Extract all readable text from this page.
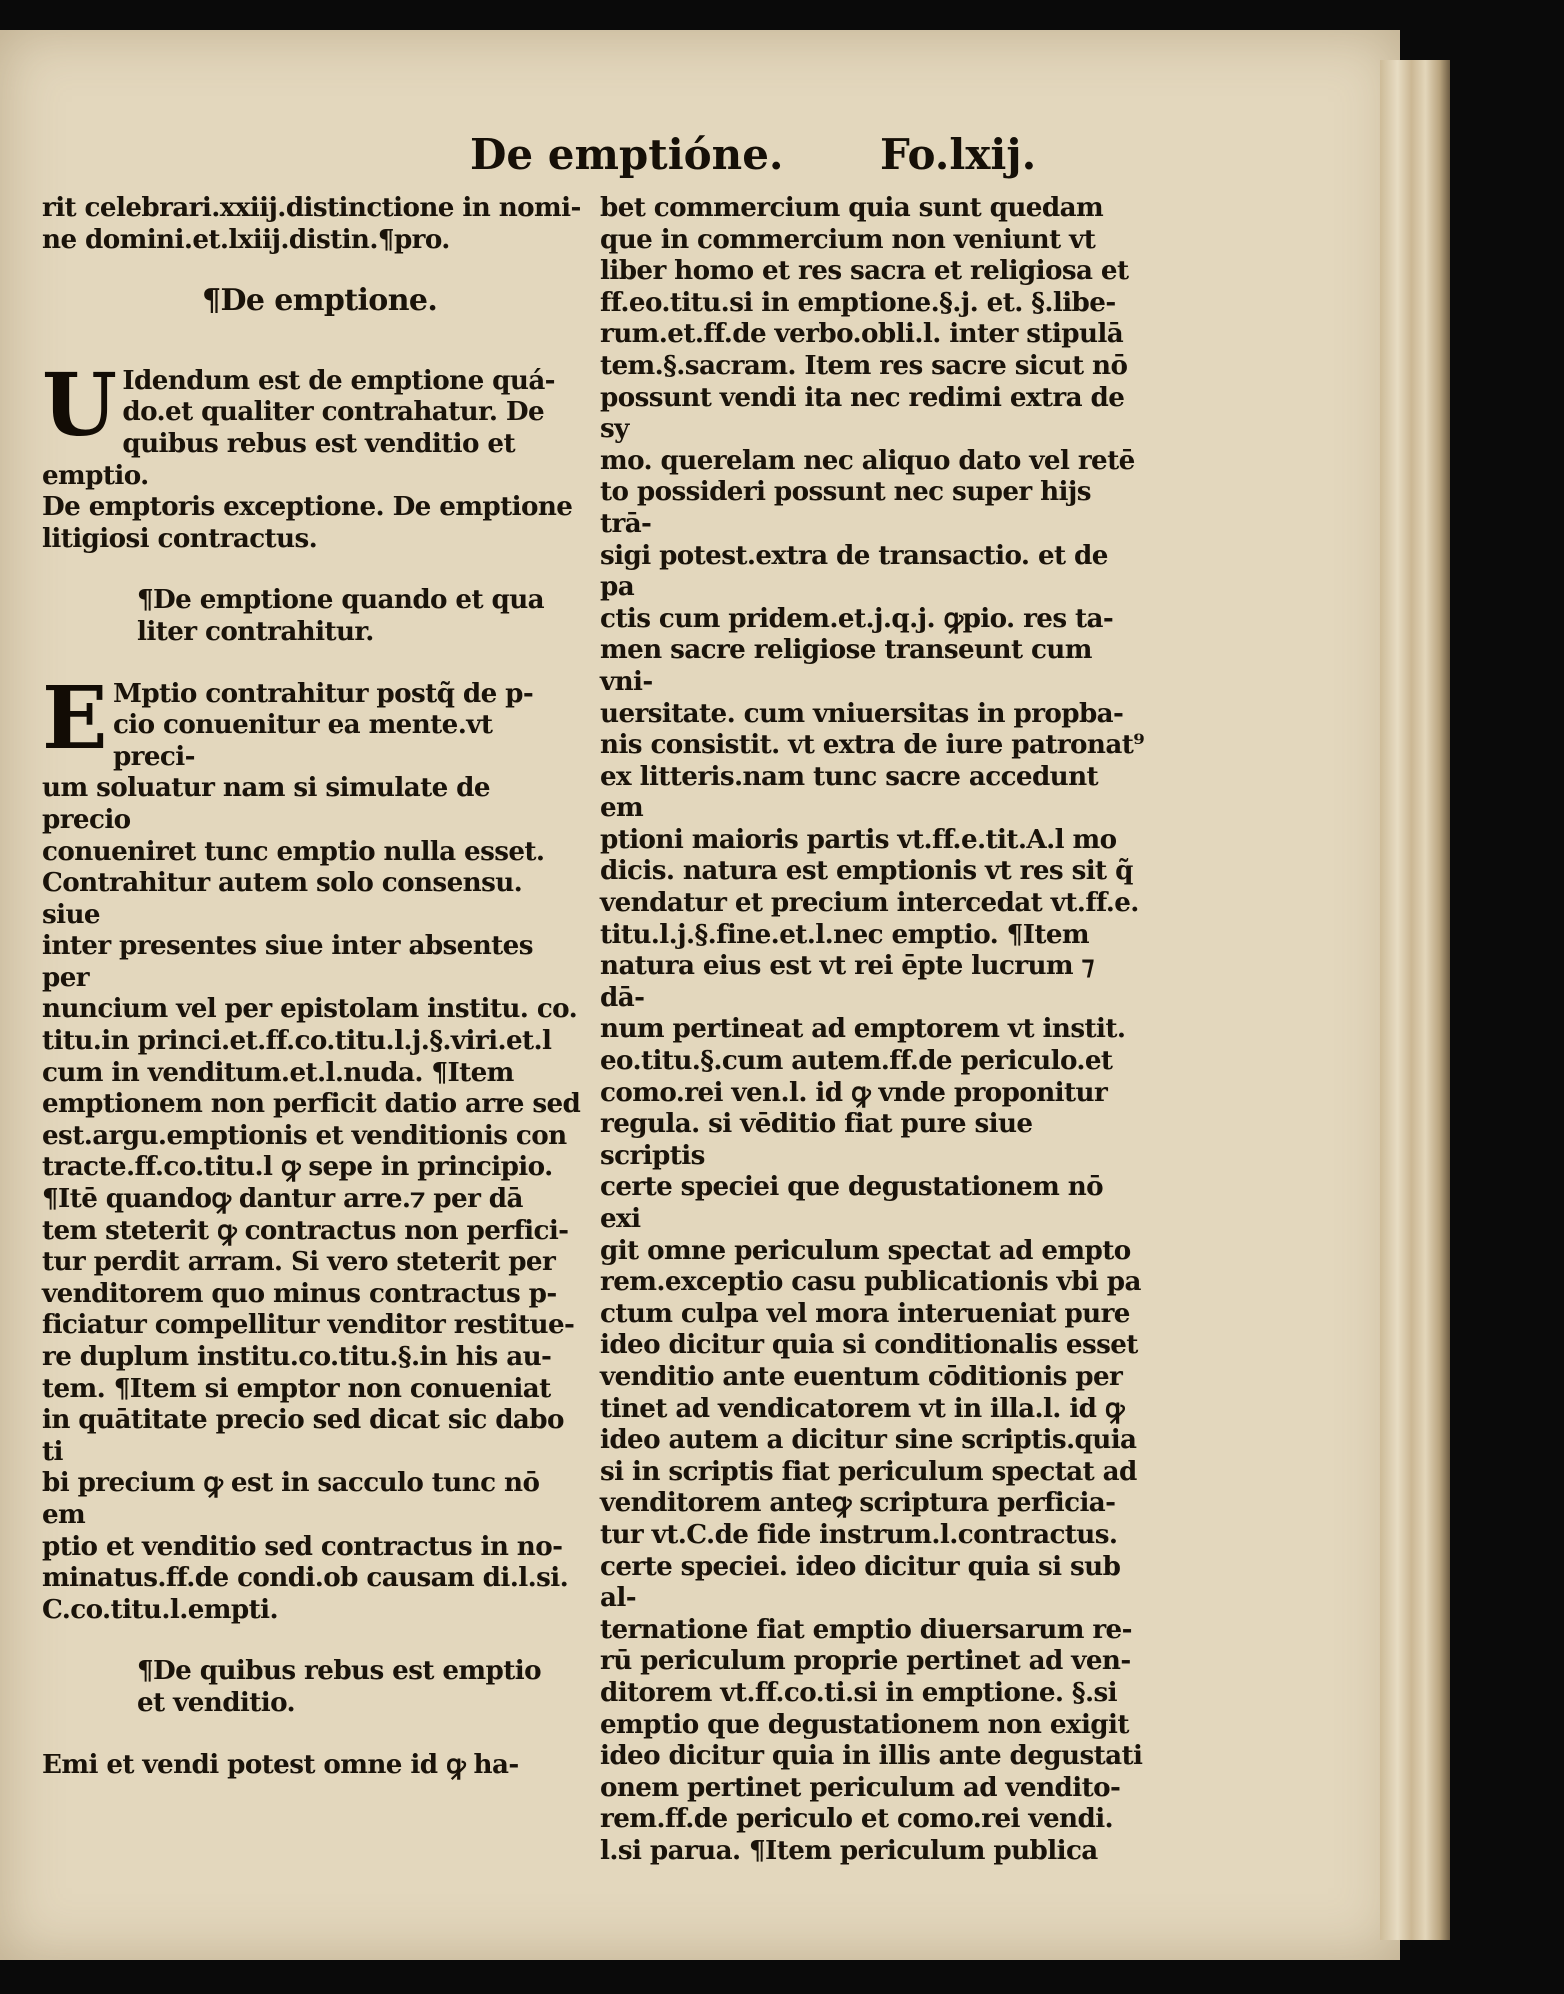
De emptióne. Fo.lxij.

rit celebrari.xxiij.distinctione in nomi-

ne domini.et.lxiij.distin.¶pro.

¶De emptione.

U Idendum est de emptione quá-

do.et qualiter contrahatur. De

quibus rebus est venditio et emptio.

De emptoris exceptione. De emptione

litigiosi contractus.

¶De emptione quando et qua

liter contrahitur.

E Mptio contrahitur postq̃ de p-

cio conuenitur ea mente.vt preci-

um soluatur nam si simulate de precio

conueniret tunc emptio nulla esset.

Contrahitur autem solo consensu. siue

inter presentes siue inter absentes per

nuncium vel per epistolam institu. co.

titu.in princi.et.ff.co.titu.l.j.§.viri.et.l

cum in venditum.et.l.nuda. ¶Item

emptionem non perficit datio arre sed

est.argu.emptionis et venditionis con

tracte.ff.co.titu.l ꝙ sepe in principio.

¶Itē quandoꝙ dantur arre.⁊ per dā

tem steterit ꝙ contractus non perfici-

tur perdit arram. Si vero steterit per

venditorem quo minus contractus p-

ficiatur compellitur venditor restitue-

re duplum institu.co.titu.§.in his au-

tem. ¶Item si emptor non conueniat

in quātitate precio sed dicat sic dabo ti

bi precium ꝙ est in sacculo tunc nō em

ptio et venditio sed contractus in no-

minatus.ff.de condi.ob causam di.l.si.

C.co.titu.l.empti.

¶De quibus rebus est emptio

et venditio.

Emi et vendi potest omne id ꝙ ha-

bet commercium quia sunt quedam

que in commercium non veniunt vt

liber homo et res sacra et religiosa et

ff.eo.titu.si in emptione.§.j. et. §.libe-

rum.et.ff.de verbo.obli.l. inter stipulā

tem.§.sacram. Item res sacre sicut nō

possunt vendi ita nec redimi extra de sy

mo. querelam nec aliquo dato vel retē

to possideri possunt nec super hijs trā-

sigi potest.extra de transactio. et de pa

ctis cum pridem.et.j.q.j. ꝙpio. res ta-

men sacre religiose transeunt cum vni-

uersitate. cum vniuersitas in propba-

nis consistit. vt extra de iure patronat⁹

ex litteris.nam tunc sacre accedunt em

ptioni maioris partis vt.ff.e.tit.A.l mo

dicis. natura est emptionis vt res sit q̃

vendatur et precium intercedat vt.ff.e.

titu.l.j.§.fine.et.l.nec emptio. ¶Item

natura eius est vt rei ēpte lucrum ⁊ dā-

num pertineat ad emptorem vt instit.

eo.titu.§.cum autem.ff.de periculo.et

como.rei ven.l. id ꝙ vnde proponitur

regula. si vēditio fiat pure siue scriptis

certe speciei que degustationem nō exi

git omne periculum spectat ad empto

rem.exceptio casu publicationis vbi pa

ctum culpa vel mora interueniat pure

ideo dicitur quia si conditionalis esset

venditio ante euentum cōditionis per

tinet ad vendicatorem vt in illa.l. id ꝙ

ideo autem a dicitur sine scriptis.quia

si in scriptis fiat periculum spectat ad

venditorem anteꝙ scriptura perficia-

tur vt.C.de fide instrum.l.contractus.

certe speciei. ideo dicitur quia si sub al-

ternatione fiat emptio diuersarum re-

rū periculum proprie pertinet ad ven-

ditorem vt.ff.co.ti.si in emptione. §.si

emptio que degustationem non exigit

ideo dicitur quia in illis ante degustati

onem pertinet periculum ad vendito-

rem.ff.de periculo et como.rei vendi.

l.si parua. ¶Item periculum publica
